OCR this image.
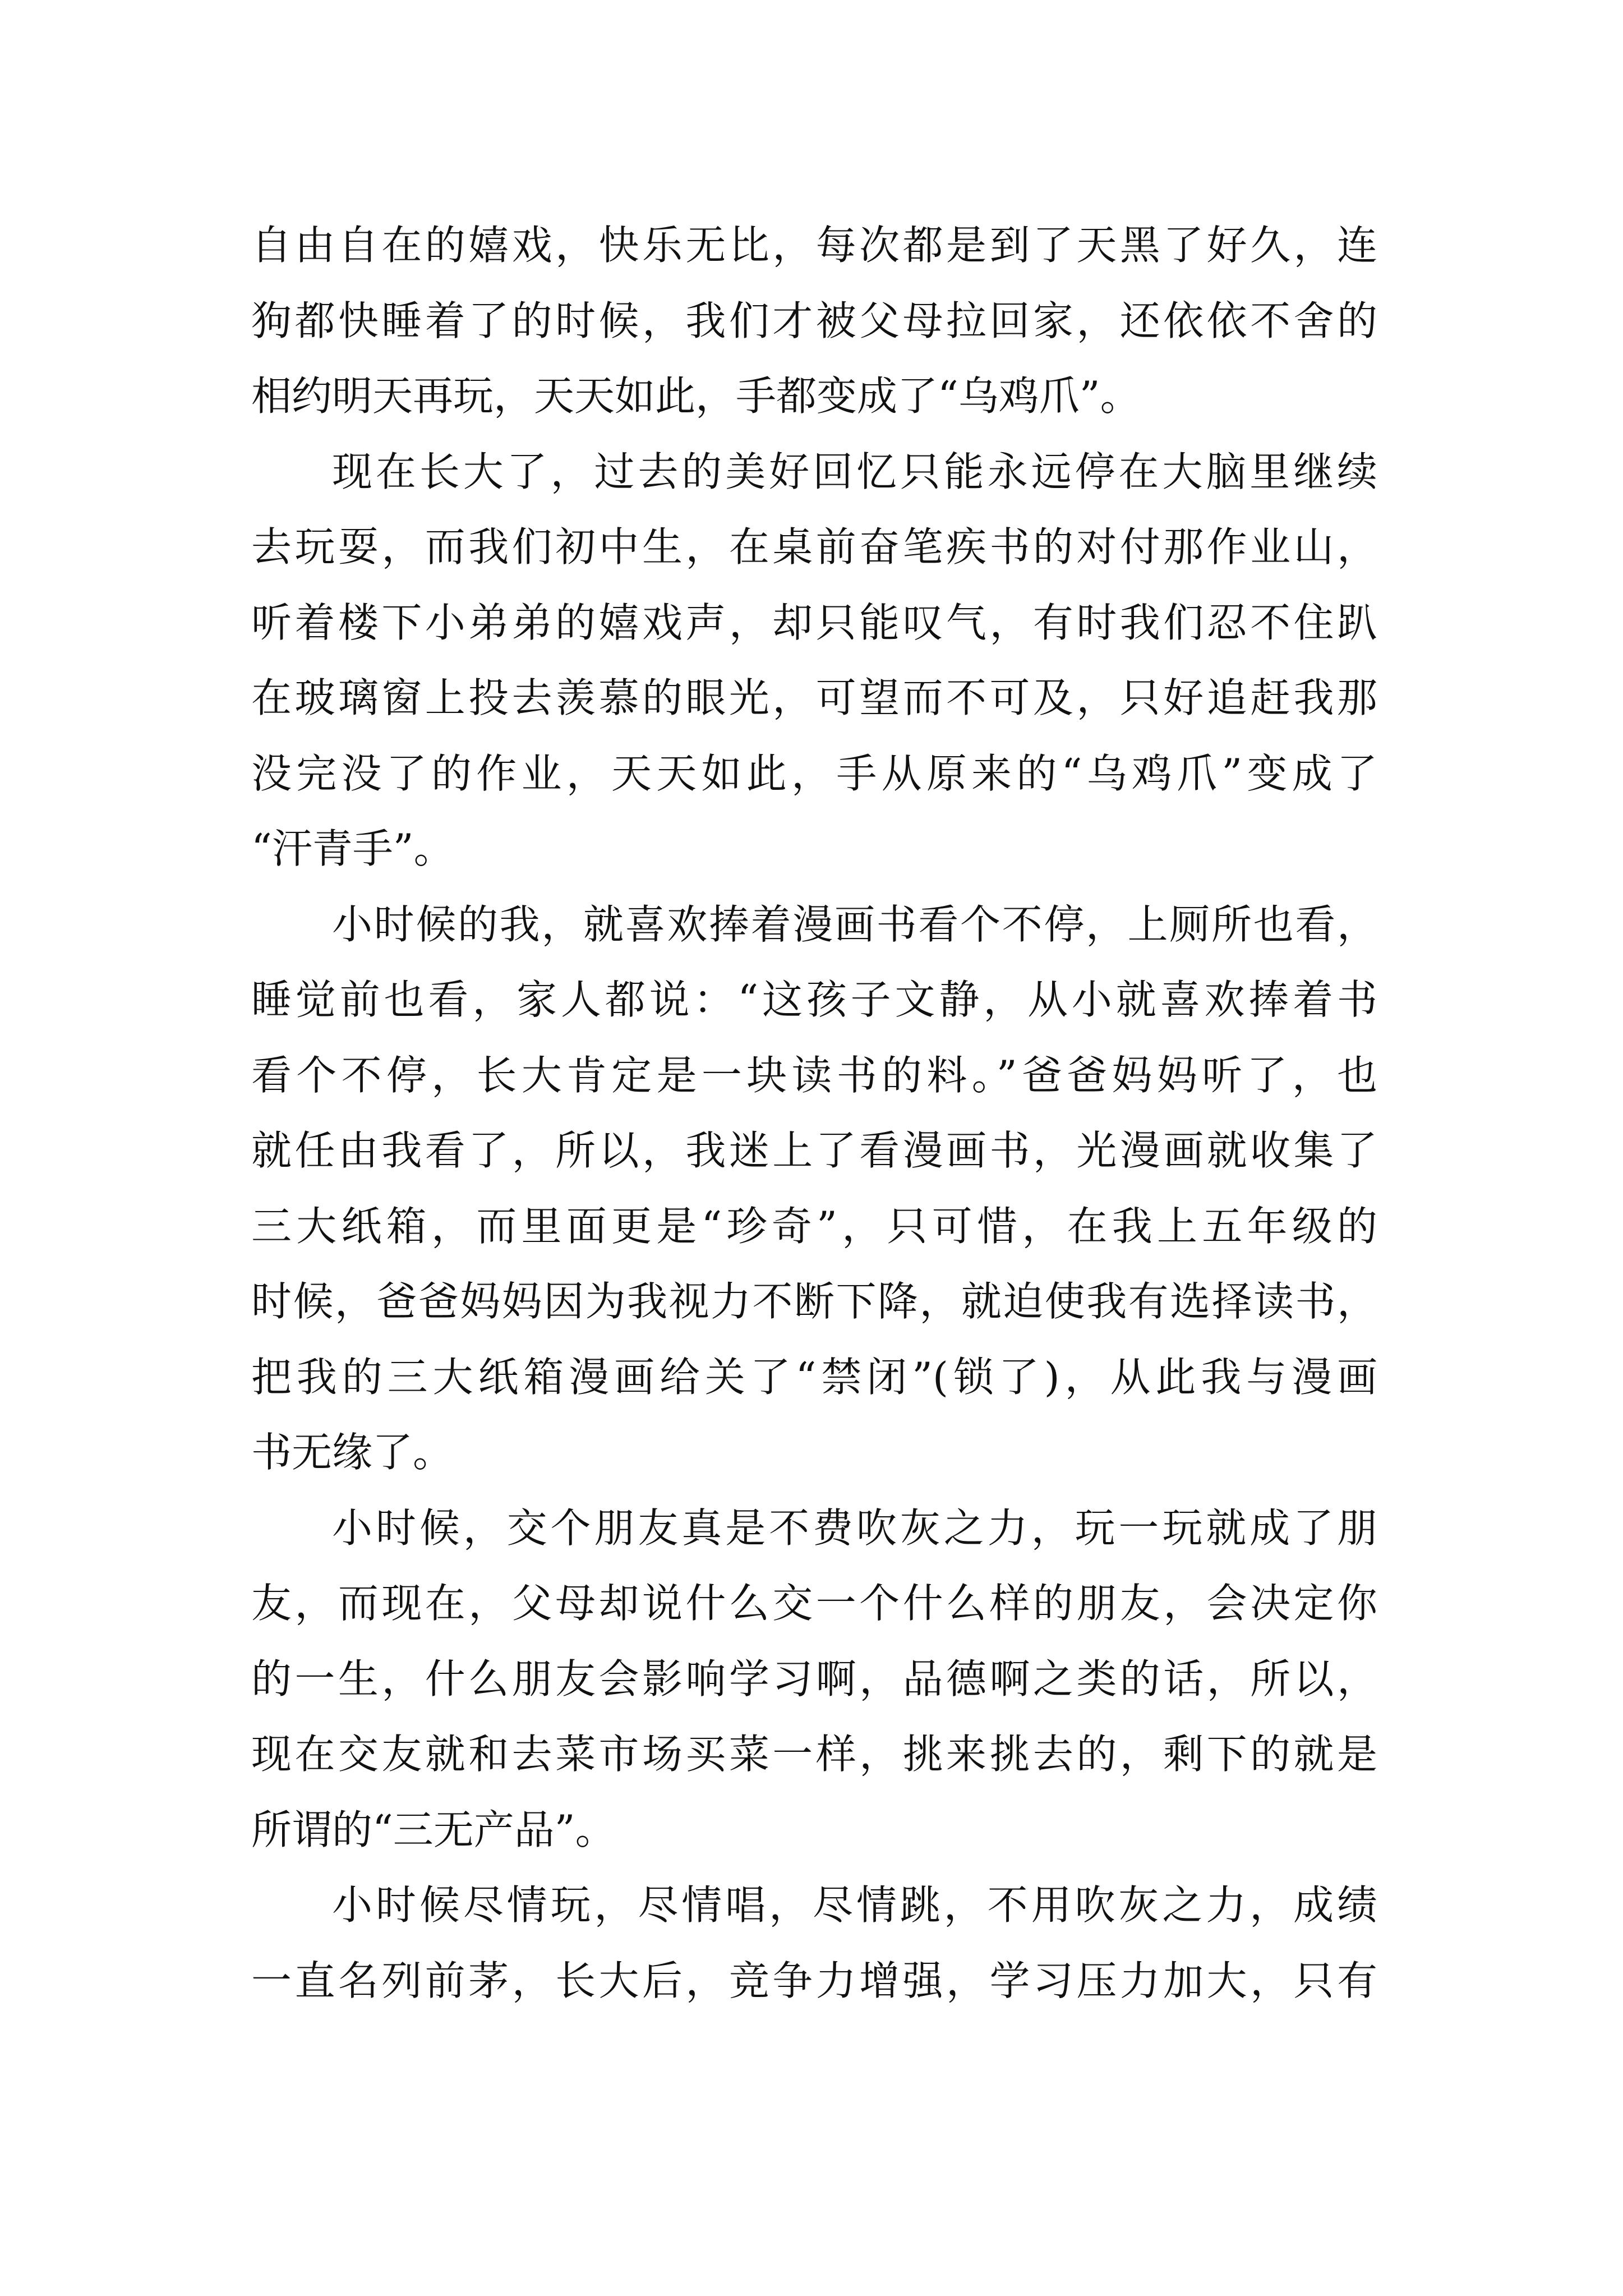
自由自在的嬉戏，快乐无比，每次都是到了天黑了好久，连
狗都快睡着了的时候，我们才被父母拉回家，还依依不舍的
相约明天再玩，天天如此，手都变成了“乌鸡爪”。
现在长大了，过去的美好回忆只能永远停在大脑里继续
去玩耍，而我们初中生，在桌前奋笔疾书的对付那作业山，
听着楼下小弟弟的嬉戏声，却只能叹气，有时我们忍不住趴
在玻璃窗上投去羡慕的眼光，可望而不可及，只好追赶我那
没完没了的作业，天天如此，手从原来的“乌鸡爪”变成了
“汗青手”。
小时候的我，就喜欢捧着漫画书看个不停，上厕所也看，
睡觉前也看，家人都说：“这孩子文静，从小就喜欢捧着书
看个不停，长大肯定是一块读书的料。”爸爸妈妈听了，也
就任由我看了，所以，我迷上了看漫画书，光漫画就收集了
三大纸箱，而里面更是“珍奇”，只可惜，在我上五年级的
时候，爸爸妈妈因为我视力不断下降，就迫使我有选择读书，
把我的三大纸箱漫画给关了“禁闭”(锁了)，从此我与漫画
书无缘了。
小时候，交个朋友真是不费吹灰之力，玩一玩就成了朋
友，而现在，父母却说什么交一个什么样的朋友，会决定你
的一生，什么朋友会影响学习啊，品德啊之类的话，所以，
现在交友就和去菜市场买菜一样，挑来挑去的，剩下的就是
所谓的“三无产品”。
小时候尽情玩，尽情唱，尽情跳，不用吹灰之力，成绩
一直名列前茅，长大后，竞争力增强，学习压力加大，只有
